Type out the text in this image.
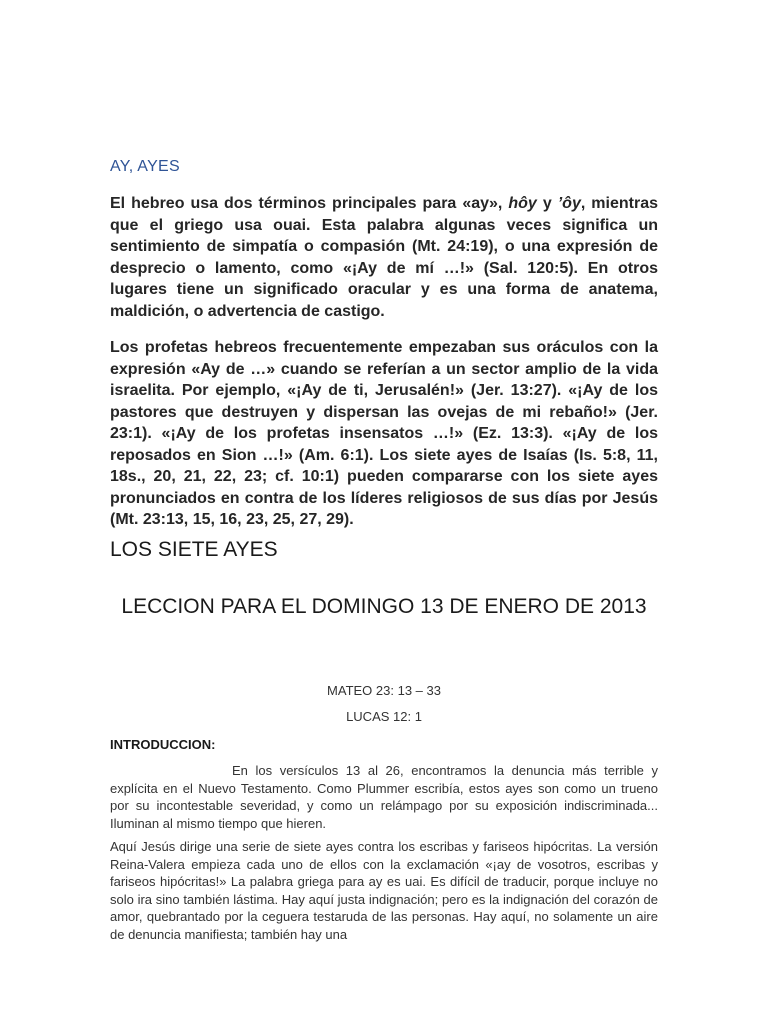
AY, AYES

El hebreo usa dos términos principales para «ay», hôy y ’ôy, mientras que el griego usa ouai. Esta palabra algunas veces significa un sentimiento de simpatía o compasión (Mt. 24:19), o una expresión de desprecio o lamento, como «¡Ay de mí …!» (Sal. 120:5). En otros lugares tiene un significado oracular y es una forma de anatema, maldición, o advertencia de castigo.

Los profetas hebreos frecuentemente empezaban sus oráculos con la expresión «Ay de …» cuando se referían a un sector amplio de la vida israelita. Por ejemplo, «¡Ay de ti, Jerusalén!» (Jer. 13:27). «¡Ay de los pastores que destruyen y dispersan las ovejas de mi rebaño!» (Jer. 23:1). «¡Ay de los profetas insensatos …!» (Ez. 13:3). «¡Ay de los reposados en Sion …!» (Am. 6:1). Los siete ayes de Isaías (Is. 5:8, 11, 18s., 20, 21, 22, 23; cf. 10:1) pueden compararse con los siete ayes pronunciados en contra de los líderes religiosos de sus días por Jesús (Mt. 23:13, 15, 16, 23, 25, 27, 29).

LOS SIETE AYES
LECCION PARA EL DOMINGO 13 DE ENERO DE 2013
MATEO 23: 13 – 33
LUCAS 12: 1
INTRODUCCION:

En los versículos 13 al 26, encontramos la denuncia más terrible y explícita en el Nuevo Testamento. Como Plummer escribía, estos ayes son como un trueno por su incontestable severidad, y como un relámpago por su exposición indiscriminada... Iluminan al mismo tiempo que hieren.

Aquí Jesús dirige una serie de siete ayes contra los escribas y fariseos hipócritas. La versión Reina-Valera empieza cada uno de ellos con la exclamación «¡ay de vosotros, escribas y fariseos hipócritas!» La palabra griega para ay es uai. Es difícil de traducir, porque incluye no solo ira sino también lástima. Hay aquí justa indignación; pero es la indignación del corazón de amor, quebrantado por la ceguera testaruda de las personas. Hay aquí, no solamente un aire de denuncia manifiesta; también hay una
